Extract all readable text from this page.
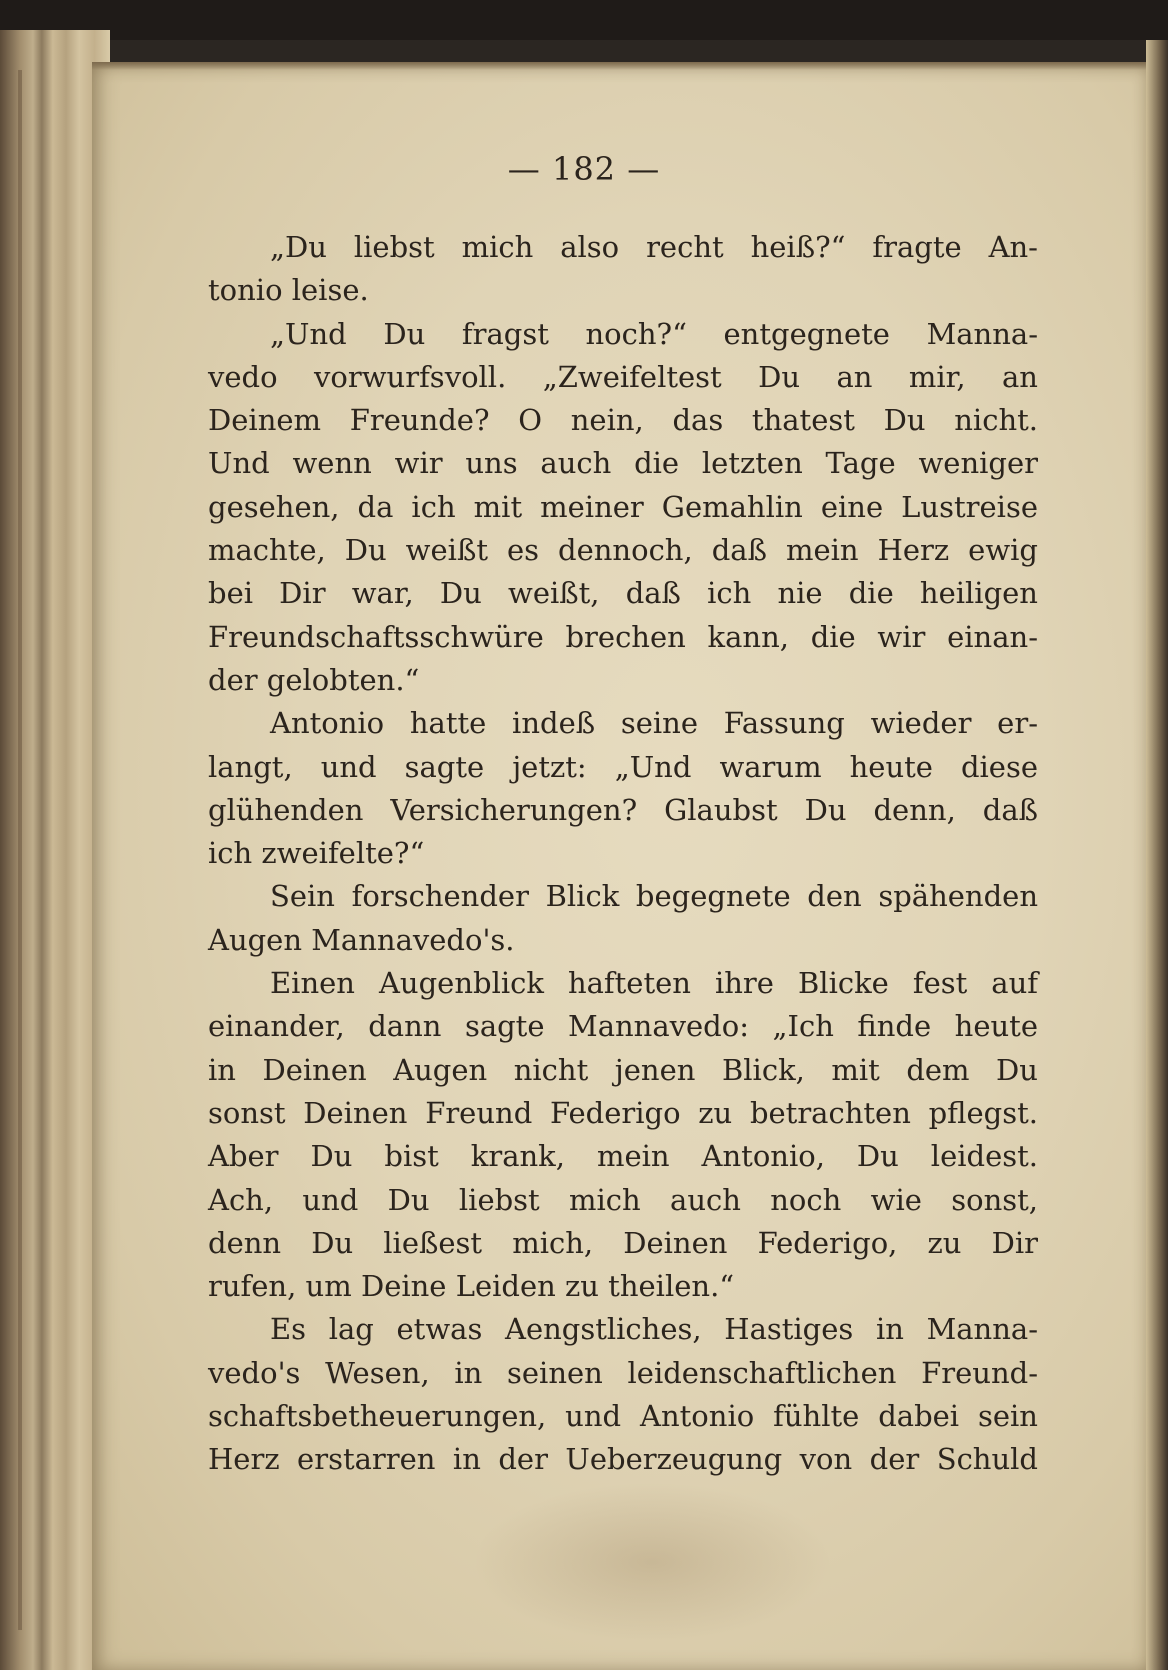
— 182 —
„Du liebst mich also recht heiß?“ fragte An-
tonio leise.
„Und Du fragst noch?“ entgegnete Manna-
vedo vorwurfsvoll. „Zweifeltest Du an mir, an
Deinem Freunde? O nein, das thatest Du nicht.
Und wenn wir uns auch die letzten Tage weniger
gesehen, da ich mit meiner Gemahlin eine Lustreise
machte, Du weißt es dennoch, daß mein Herz ewig
bei Dir war, Du weißt, daß ich nie die heiligen
Freundschaftsschwüre brechen kann, die wir einan-
der gelobten.“
Antonio hatte indeß seine Fassung wieder er-
langt, und sagte jetzt: „Und warum heute diese
glühenden Versicherungen? Glaubst Du denn, daß
ich zweifelte?“
Sein forschender Blick begegnete den spähenden
Augen Mannavedo's.
Einen Augenblick hafteten ihre Blicke fest auf
einander, dann sagte Mannavedo: „Ich finde heute
in Deinen Augen nicht jenen Blick, mit dem Du
sonst Deinen Freund Federigo zu betrachten pflegst.
Aber Du bist krank, mein Antonio, Du leidest.
Ach, und Du liebst mich auch noch wie sonst,
denn Du ließest mich, Deinen Federigo, zu Dir
rufen, um Deine Leiden zu theilen.“
Es lag etwas Aengstliches, Hastiges in Manna-
vedo's Wesen, in seinen leidenschaftlichen Freund-
schaftsbetheuerungen, und Antonio fühlte dabei sein
Herz erstarren in der Ueberzeugung von der Schuld
